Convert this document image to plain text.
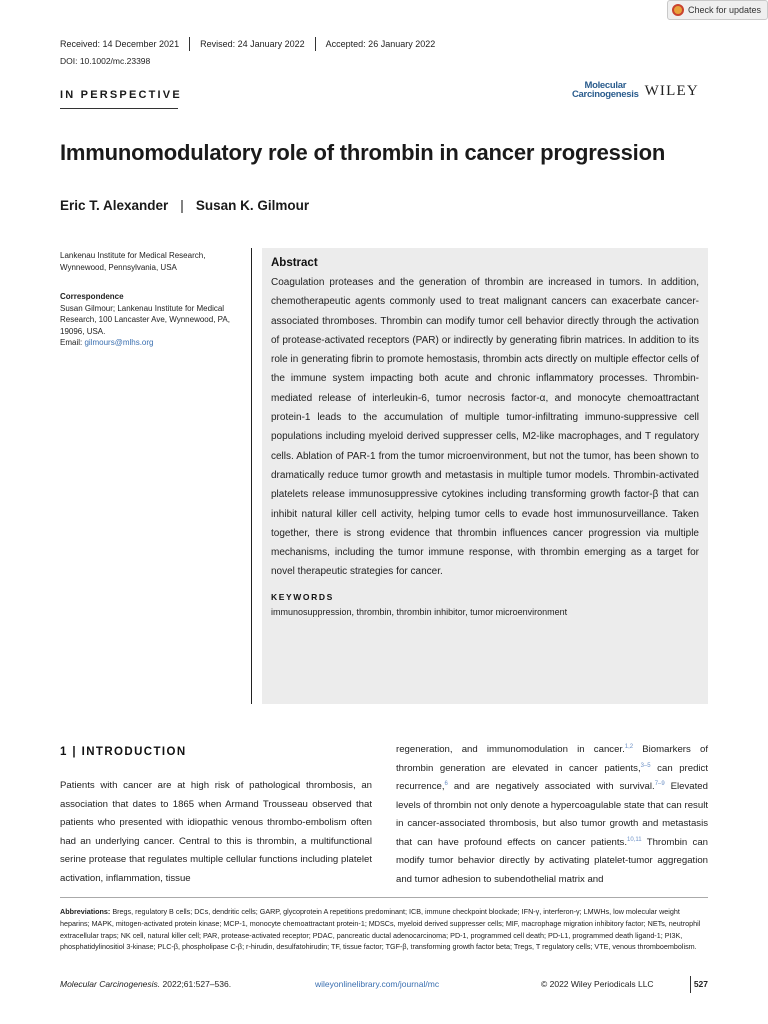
Check for updates
Received: 14 December 2021 Revised: 24 January 2022 Accepted: 26 January 2022
DOI: 10.1002/mc.23398
IN PERSPECTIVE
Molecular
Carcinogenesis WILEY
Immunomodulatory role of thrombin in cancer progression
Eric T. Alexander | Susan K. Gilmour
Lankenau Institute for Medical Research,
Wynnewood, Pennsylvania, USA
Correspondence
Susan Gilmour; Lankenau Institute for Medical Research, 100 Lancaster Ave, Wynnewood, PA, 19096, USA.
Email: gilmours@mlhs.org
Abstract

Coagulation proteases and the generation of thrombin are increased in tumors. In addition, chemotherapeutic agents commonly used to treat malignant cancers can exacerbate cancer-associated thromboses. Thrombin can modify tumor cell behavior directly through the activation of protease-activated receptors (PAR) or indirectly by generating fibrin matrices. In addition to its role in generating fibrin to promote hemostasis, thrombin acts directly on multiple effector cells of the immune system impacting both acute and chronic inflammatory processes. Thrombin-mediated release of interleukin-6, tumor necrosis factor-α, and monocyte chemoattractant protein-1 leads to the accumulation of multiple tumor-infiltrating immuno-suppressive cell populations including myeloid derived suppresser cells, M2-like macrophages, and T regulatory cells. Ablation of PAR-1 from the tumor microenvironment, but not the tumor, has been shown to dramatically reduce tumor growth and metastasis in multiple tumor models. Thrombin-activated platelets release immunosuppressive cytokines including transforming growth factor-β that can inhibit natural killer cell activity, helping tumor cells to evade host immunosurveillance. Taken together, there is strong evidence that thrombin influences cancer progression via multiple mechanisms, including the tumor immune response, with thrombin emerging as a target for novel therapeutic strategies for cancer.

KEYWORDS
immunosuppression, thrombin, thrombin inhibitor, tumor microenvironment
1 | INTRODUCTION
Patients with cancer are at high risk of pathological thrombosis, an association that dates to 1865 when Armand Trousseau observed that patients who presented with idiopathic venous thrombo-embolism often had an underlying cancer. Central to this is thrombin, a multifunctional serine protease that regulates multiple cellular functions including platelet activation, inflammation, tissue
regeneration, and immunomodulation in cancer.$^{1,2}$ Biomarkers of thrombin generation are elevated in cancer patients,$^{3-5}$ can predict recurrence,$^6$ and are negatively associated with survival.$^{7-9}$ Elevated levels of thrombin not only denote a hypercoagulable state that can result in cancer-associated thrombosis, but also tumor growth and metastasis that can have profound effects on cancer patients.$^{10,11}$ Thrombin can modify tumor behavior directly by activating platelet-tumor aggregation and tumor adhesion to subendothelial matrix and
Abbreviations: Bregs, regulatory B cells; DCs, dendritic cells; GARP, glycoprotein A repetitions predominant; ICB, immune checkpoint blockade; IFN-γ, interferon-γ; LMWHs, low molecular weight heparins; MAPK, mitogen-activated protein kinase; MCP-1, monocyte chemoattractant protein-1; MDSCs, myeloid derived suppresser cells; MIF, macrophage migration inhibitory factor; NETs, neutrophil extracellular traps; NK cell, natural killer cell; PAR, protease-activated receptor; PDAC, pancreatic ductal adenocarcinoma; PD-1, programmed cell death; PD-L1, programmed death ligand-1; PI3K, phosphatidylinositiol 3-kinase; PLC-β, phospholipase C-β; r-hirudin, desulfatohirudin; TF, tissue factor; TGF-β, transforming growth factor beta; Tregs, T regulatory cells; VTE, venous thromboembolism.
Molecular Carcinogenesis. 2022;61:527–536.	wileyonlinelibrary.com/journal/mc	© 2022 Wiley Periodicals LLC	527
